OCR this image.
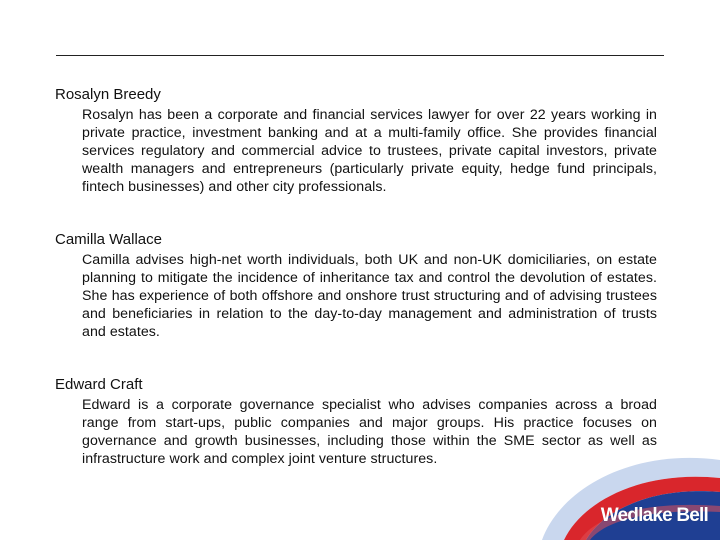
Rosalyn Breedy

Rosalyn has been a corporate and financial services lawyer for over 22 years working in private practice, investment banking and at a multi-family office. She provides financial services regulatory and commercial advice to trustees, private capital investors, private wealth managers and entrepreneurs (particularly private equity, hedge fund principals, fintech businesses) and other city professionals.

Camilla Wallace

Camilla advises high-net worth individuals, both UK and non-UK domiciliaries, on estate planning to mitigate the incidence of inheritance tax and control the devolution of estates. She has experience of both offshore and onshore trust structuring and of advising trustees and beneficiaries in relation to the day-to-day management and administration of trusts and estates.

Edward Craft

Edward is a corporate governance specialist who advises companies across a broad range from start-ups, public companies and major groups. His practice focuses on governance and growth businesses, including those within the SME sector as well as infrastructure work and complex joint venture structures.

Wedlake Bell
